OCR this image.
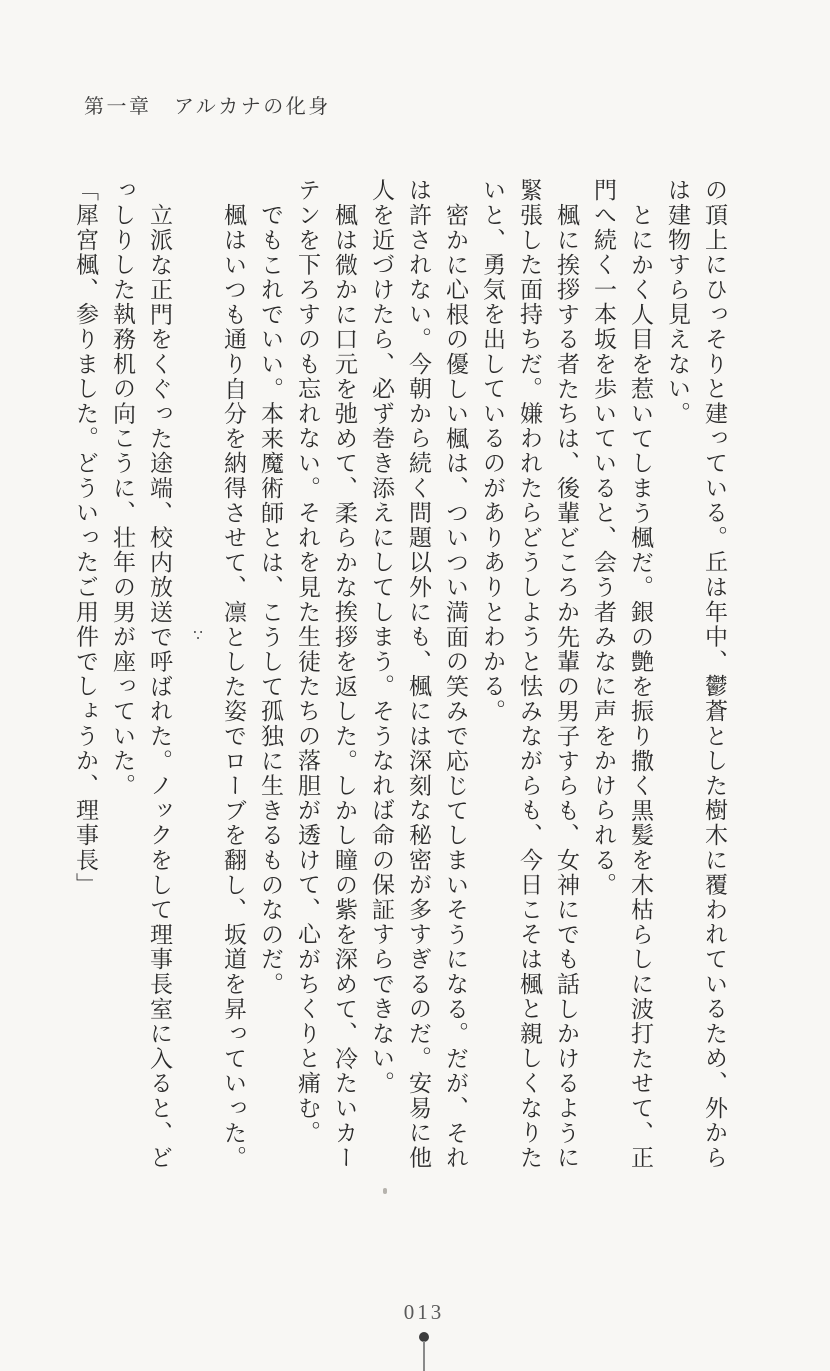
第一章　アルカナの化身

の頂上にひっそりと建っている。丘は年中、鬱蒼とした樹木に覆われているため、外から

は建物すら見えない。

とにかく人目を惹いてしまう楓だ。銀の艶を振り撒く黒髪を木枯らしに波打たせて、正

門へ続く一本坂を歩いていると、会う者みなに声をかけられる。

楓に挨拶する者たちは、後輩どころか先輩の男子すらも、女神にでも話しかけるように

緊張した面持ちだ。嫌われたらどうしようと怯みながらも、今日こそは楓と親しくなりた

いと、勇気を出しているのがありありとわかる。

密かに心根の優しい楓は、ついつい満面の笑みで応じてしまいそうになる。だが、それ

は許されない。今朝から続く問題以外にも、楓には深刻な秘密が多すぎるのだ。安易に他

人を近づけたら、必ず巻き添えにしてしまう。そうなれば命の保証すらできない。

楓は微かに口元を弛めて、柔らかな挨拶を返した。しかし瞳の紫を深めて、冷たいカー

テンを下ろすのも忘れない。それを見た生徒たちの落胆が透けて、心がちくりと痛む。

でもこれでいい。本来魔術師とは、こうして孤独に生きるものなのだ。

楓はいつも通り自分を納得させて、凛とした姿でローブを翻し、坂道を昇っていった。

∵

立派な正門をくぐった途端、校内放送で呼ばれた。ノックをして理事長室に入ると、ど

っしりした執務机の向こうに、壮年の男が座っていた。

「犀宮楓、参りました。どういったご用件でしょうか、理事長」

013
